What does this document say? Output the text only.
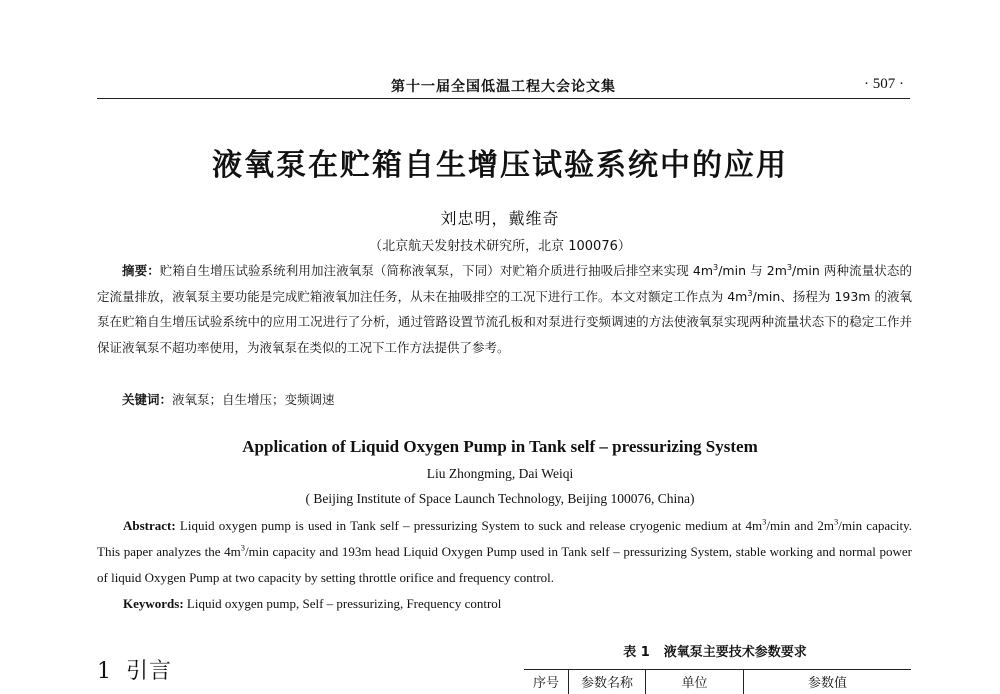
第十一届全国低温工程大会论文集	· 507 ·
液氧泵在贮箱自生增压试验系统中的应用
刘忠明，戴维奇
（北京航天发射技术研究所，北京 100076）
摘要：贮箱自生增压试验系统利用加注液氧泵（简称液氧泵，下同）对贮箱介质进行抽吸后排空来实现 $4m^3/\min$ 与 $2m^3/\min$ 两种流量状态的定流量排放，液氧泵主要功能是完成贮箱液氧加注任务，从未在抽吸排空的工况下进行工作。本文对额定工作点为 $4m^3/\min$、扬程为 193m 的液氧泵在贮箱自生增压试验系统中的应用工况进行了分析，通过管路设置节流孔板和对泵进行变频调速的方法使液氧泵实现两种流量状态下的稳定工作并保证液氧泵不超功率使用，为液氧泵在类似的工况下工作方法提供了参考。
关键词：液氧泵；自生增压；变频调速
Application of Liquid Oxygen Pump in Tank self – pressurizing System
Liu Zhongming, Dai Weiqi
( Beijing Institute of Space Launch Technology, Beijing 100076, China)
Abstract: Liquid oxygen pump is used in Tank self – pressurizing System to suck and release cryogenic medium at $4m^3/\min$ and $2m^3/\min$ capacity. This paper analyzes the $4m^3/\min$ capacity and 193m head Liquid Oxygen Pump used in Tank self – pressurizing System, stable working and normal power of liquid Oxygen Pump at two capacity by setting throttle orifice and frequency control.
Keywords: Liquid oxygen pump, Self – pressurizing, Frequency control
1 引言
表 1 液氧泵主要技术参数要求
序号	参数名称	单位	参数值
